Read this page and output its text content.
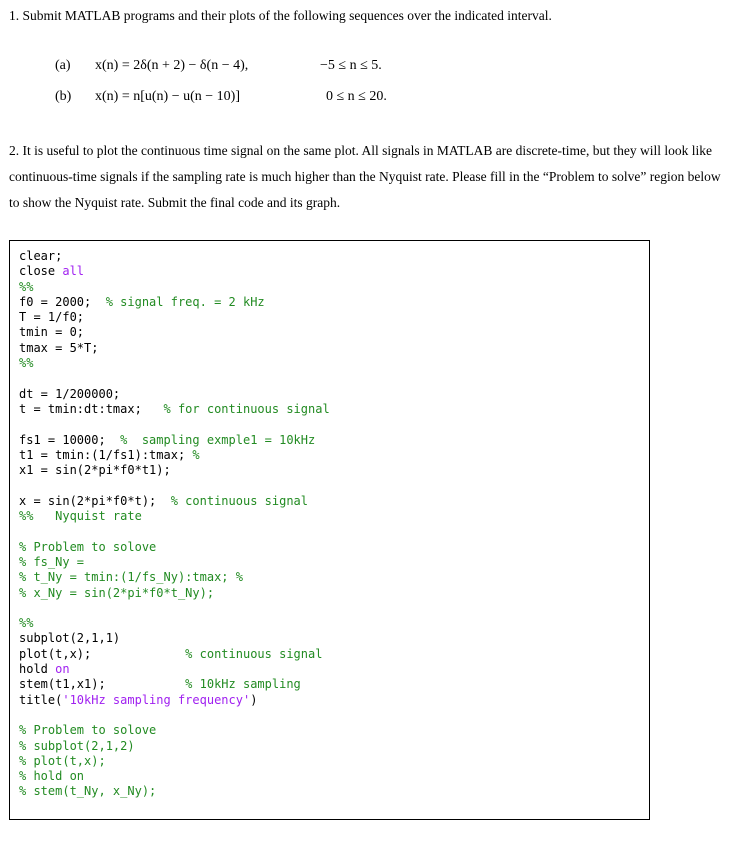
1. Submit MATLAB programs and their plots of the following sequences over the indicated interval.

(a) x(n) = 2δ(n + 2) − δ(n − 4),	−5 ≤ n ≤ 5.

(b) x(n) = n[u(n) − u(n − 10)]	0 ≤ n ≤ 20.

2. It is useful to plot the continuous time signal on the same plot. All signals in MATLAB are discrete-time, but they will look like continuous-time signals if the sampling rate is much higher than the Nyquist rate. Please fill in the “Problem to solve” region below to show the Nyquist rate. Submit the final code and its graph.
clear;
close all
%%
f0 = 2000;  % signal freq. = 2 kHz
T = 1/f0;
tmin = 0;
tmax = 5*T;
%%
dt = 1/200000;
t = tmin:dt:tmax;   % for continuous signal
fs1 = 10000;  %  sampling exmple1 = 10kHz
t1 = tmin:(1/fs1):tmax; %
x1 = sin(2*pi*f0*t1);
x = sin(2*pi*f0*t);  % continuous signal
%%   Nyquist rate
% Problem to solove
% fs_Ny =
% t_Ny = tmin:(1/fs_Ny):tmax; %
% x_Ny = sin(2*pi*f0*t_Ny);
%%
subplot(2,1,1)
plot(t,x);             % continuous signal
hold on
stem(t1,x1);           % 10kHz sampling
title('10kHz sampling frequency')
% Problem to solove
% subplot(2,1,2)
% plot(t,x);
% hold on
% stem(t_Ny, x_Ny);
